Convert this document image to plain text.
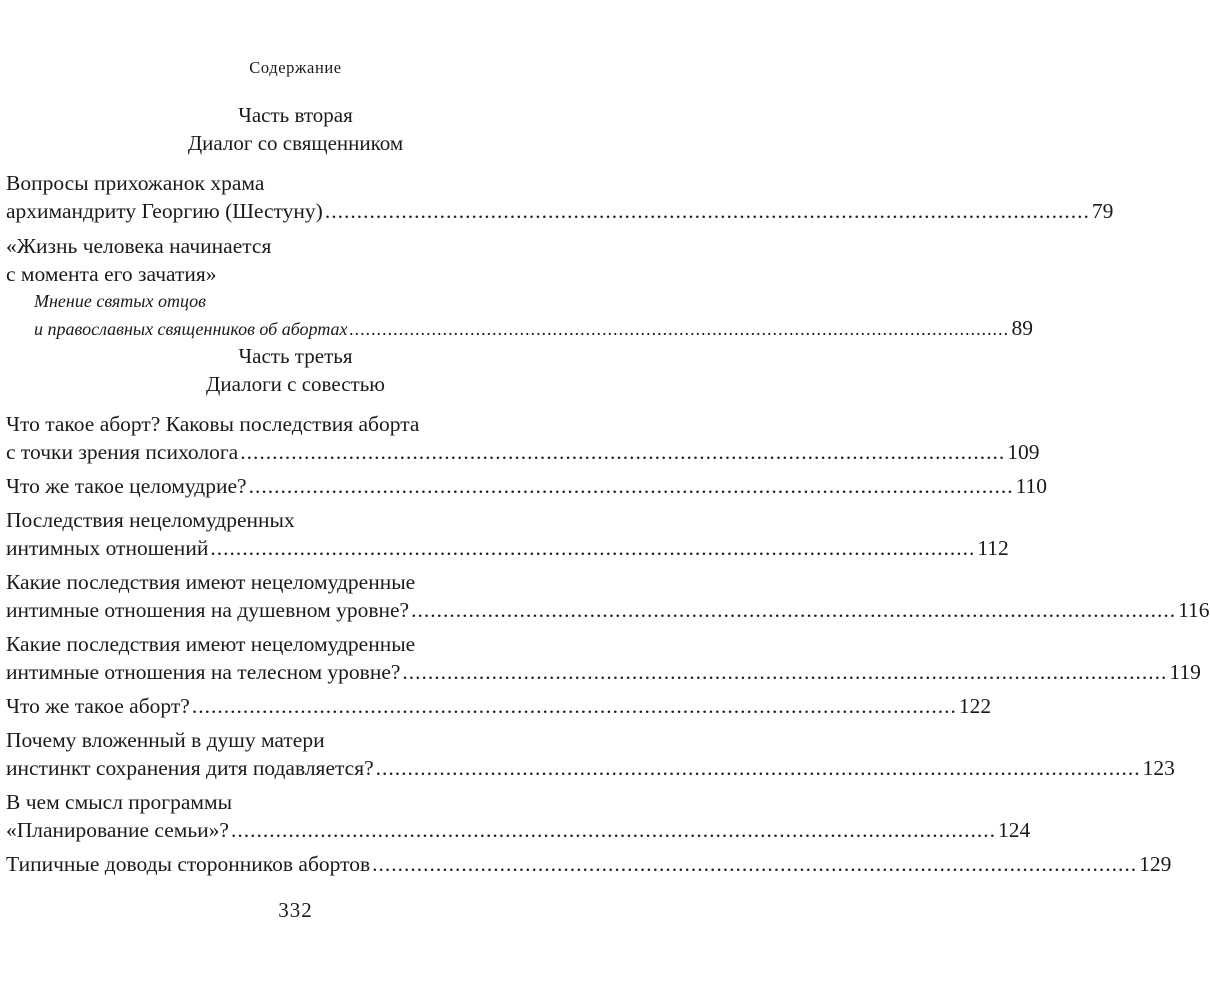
Содержание
Часть вторая
Диалог со священником
Вопросы прихожанок храма
архимандриту Георгию (Шестуну) ........................................................................................................................ 79
«Жизнь человека начинается
с момента его зачатия»
Мнение святых отцов
и православных священников об абортах ........................................................................................................................ 89
Часть третья
Диалоги с совестью
Что такое аборт? Каковы последствия аборта
с точки зрения психолога ........................................................................................................................ 109
Что же такое целомудрие? ........................................................................................................................ 110
Последствия нецеломудренных
интимных отношений ........................................................................................................................ 112
Какие последствия имеют нецеломудренные
интимные отношения на душевном уровне? ........................................................................................................................ 116
Какие последствия имеют нецеломудренные
интимные отношения на телесном уровне? ........................................................................................................................ 119
Что же такое аборт? ........................................................................................................................ 122
Почему вложенный в душу матери
инстинкт сохранения дитя подавляется? ........................................................................................................................ 123
В чем смысл программы
«Планирование семьи»? ........................................................................................................................ 124
Типичные доводы сторонников абортов ........................................................................................................................ 129
332
